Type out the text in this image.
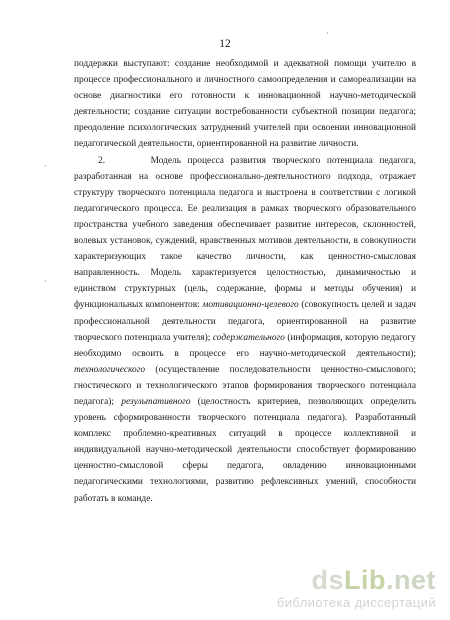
12
·
·
·

поддержки выступают: создание необходимой и адекватной помощи учителю в процессе профессионального и личностного самоопределения и самореализации на основе диагностики его готовности к инновационной научно-методической деятельности; создание ситуации востребованности субъектной позиции педагога; преодоление психологических затруднений учителей при освоении инновационной педагогической деятельности, ориентированной на развитие личности.

2.       Модель процесса развития творческого потенциала педагога, разработанная на основе профессионально-деятельностного подхода, отражает структуру творческого потенциала педагога и выстроена в соответствии с логикой педагогического процесса. Ее реализация в рамках творческого образовательного пространства учебного заведения обеспечивает развитие интересов, склонностей, волевых установок, суждений, нравственных мотивов деятельности, в совокупности характеризующих такое качество личности, как ценностно-смысловая направленность. Модель характеризуется целостностью, динамичностью и единством структурных (цель, содержание, формы и методы обучения) и функциональных компонентов: мотивационно-целевого (совокупность целей и задач профессиональной деятельности педагога, ориентированной на развитие творческого потенциала учителя); содержательного (информация, которую педагогу необходимо освоить в процессе его научно-методической деятельности); технологического (осуществление последовательности ценностно-смыслового; гностического и технологического этапов формирования творческого потенциала педагога); результативного (целостность критериев, позволяющих определить уровень сформированности творческого потенциала педагога). Разработанный комплекс проблемно-креативных ситуаций в процессе коллективной и индивидуальной научно-методической деятельности способствует формированию ценностно-смысловой сферы педагога, овладению инновационными педагогическими технологиями, развитию рефлексивных умений, способности работать в команде.

dsLib.net
библиотека диссертаций
